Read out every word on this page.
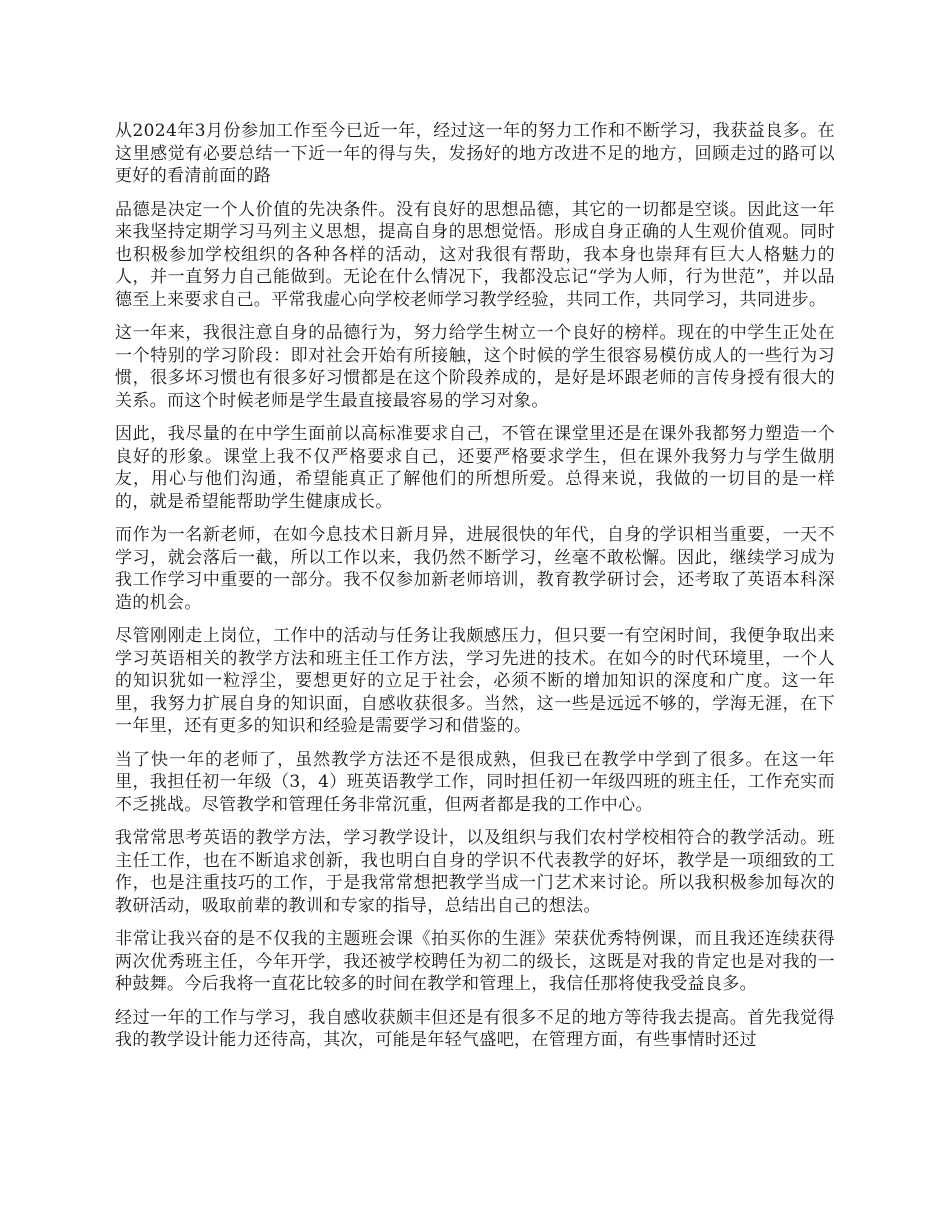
从2024年3月份参加工作至今已近一年，经过这一年的努力工作和不断学习，我获益良多。在这里感觉有必要总结一下近一年的得与失，发扬好的地方改进不足的地方，回顾走过的路可以更好的看清前面的路

品德是决定一个人价值的先决条件。没有良好的思想品德，其它的一切都是空谈。因此这一年来我坚持定期学习马列主义思想，提高自身的思想觉悟。形成自身正确的人生观价值观。同时也积极参加学校组织的各种各样的活动，这对我很有帮助，我本身也崇拜有巨大人格魅力的人，并一直努力自己能做到。无论在什么情况下，我都没忘记“学为人师，行为世范”，并以品德至上来要求自己。平常我虚心向学校老师学习教学经验，共同工作，共同学习，共同进步。

这一年来，我很注意自身的品德行为，努力给学生树立一个良好的榜样。现在的中学生正处在一个特别的学习阶段：即对社会开始有所接触，这个时候的学生很容易模仿成人的一些行为习惯，很多坏习惯也有很多好习惯都是在这个阶段养成的，是好是坏跟老师的言传身授有很大的关系。而这个时候老师是学生最直接最容易的学习对象。

因此，我尽量的在中学生面前以高标准要求自己，不管在课堂里还是在课外我都努力塑造一个良好的形象。课堂上我不仅严格要求自己，还要严格要求学生，但在课外我努力与学生做朋友，用心与他们沟通，希望能真正了解他们的所想所爱。总得来说，我做的一切目的是一样的，就是希望能帮助学生健康成长。

而作为一名新老师，在如今息技术日新月异，进展很快的年代，自身的学识相当重要，一天不学习，就会落后一截，所以工作以来，我仍然不断学习，丝毫不敢松懈。因此，继续学习成为我工作学习中重要的一部分。我不仅参加新老师培训，教育教学研讨会，还考取了英语本科深造的机会。

尽管刚刚走上岗位，工作中的活动与任务让我颇感压力，但只要一有空闲时间，我便争取出来学习英语相关的教学方法和班主任工作方法，学习先进的技术。在如今的时代环境里，一个人的知识犹如一粒浮尘，要想更好的立足于社会，必须不断的增加知识的深度和广度。这一年里，我努力扩展自身的知识面，自感收获很多。当然，这一些是远远不够的，学海无涯，在下一年里，还有更多的知识和经验是需要学习和借鉴的。

当了快一年的老师了，虽然教学方法还不是很成熟，但我已在教学中学到了很多。在这一年里，我担任初一年级（3，4）班英语教学工作，同时担任初一年级四班的班主任，工作充实而不乏挑战。尽管教学和管理任务非常沉重，但两者都是我的工作中心。

我常常思考英语的教学方法，学习教学设计，以及组织与我们农村学校相符合的教学活动。班主任工作，也在不断追求创新，我也明白自身的学识不代表教学的好坏，教学是一项细致的工作，也是注重技巧的工作，于是我常常想把教学当成一门艺术来讨论。所以我积极参加每次的教研活动，吸取前辈的教训和专家的指导，总结出自己的想法。

非常让我兴奋的是不仅我的主题班会课《拍买你的生涯》荣获优秀特例课，而且我还连续获得两次优秀班主任，今年开学，我还被学校聘任为初二的级长，这既是对我的肯定也是对我的一种鼓舞。今后我将一直花比较多的时间在教学和管理上，我信任那将使我受益良多。

经过一年的工作与学习，我自感收获颇丰但还是有很多不足的地方等待我去提高。首先我觉得我的教学设计能力还待高，其次，可能是年轻气盛吧，在管理方面，有些事情时还过
